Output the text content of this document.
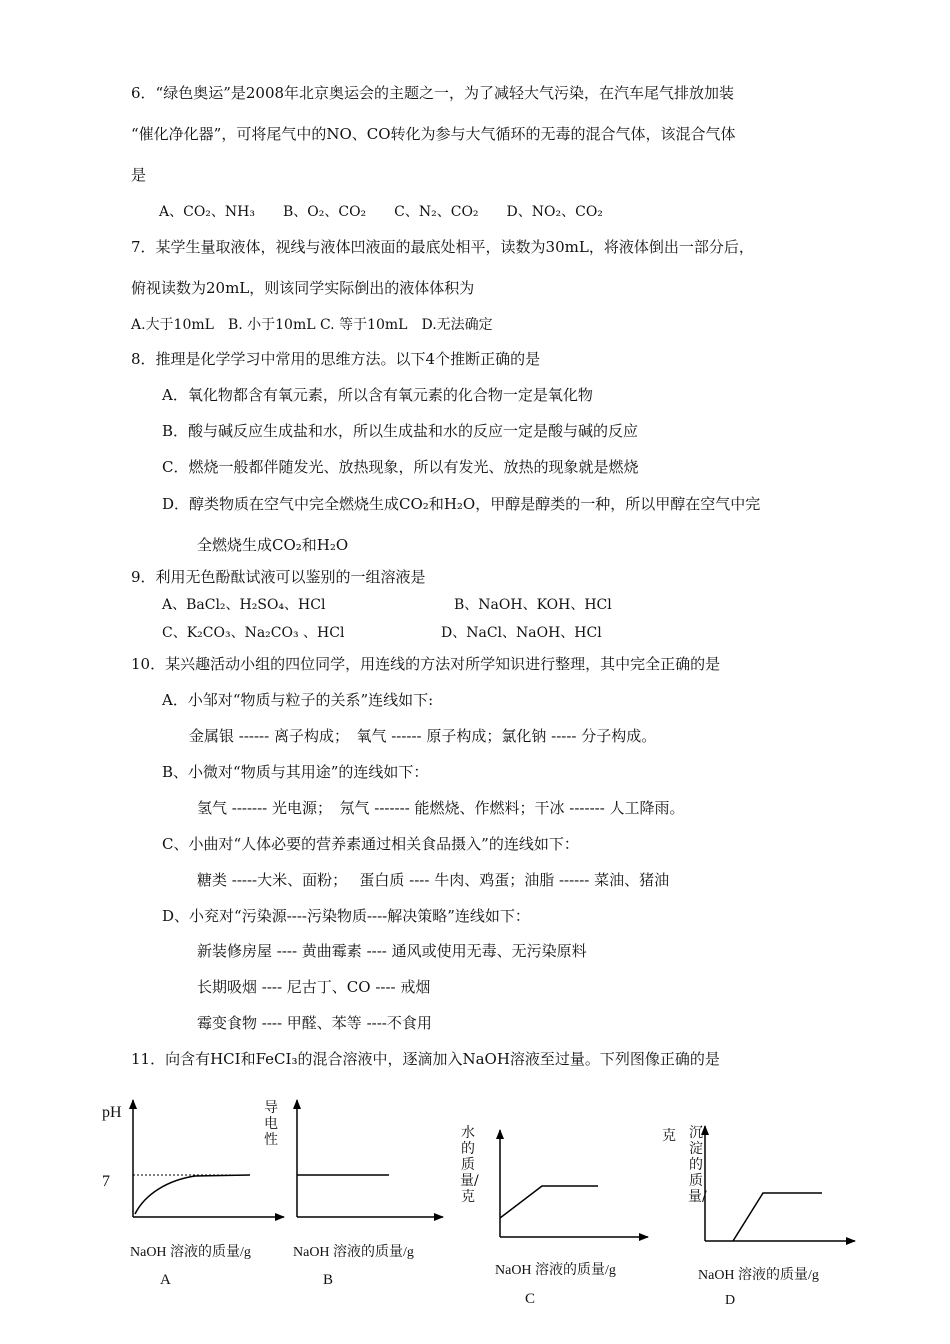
6．“绿色奥运”是2008年北京奥运会的主题之一，为了减轻大气污染，在汽车尾气排放加装
“催化净化器”，可将尾气中的NO、CO转化为参与大气循环的无毒的混合气体，该混合气体
是
A、CO₂、NH₃　　B、O₂、CO₂　　C、N₂、CO₂　　D、NO₂、CO₂
7．某学生量取液体，视线与液体凹液面的最底处相平，读数为30mL，将液体倒出一部分后，
俯视读数为20mL，则该同学实际倒出的液体体积为
A.大于10mL　B. 小于10mL C. 等于10mL　D.无法确定
8．推理是化学学习中常用的思维方法。以下4个推断正确的是
A．氧化物都含有氧元素，所以含有氧元素的化合物一定是氧化物
B．酸与碱反应生成盐和水，所以生成盐和水的反应一定是酸与碱的反应
C．燃烧一般都伴随发光、放热现象，所以有发光、放热的现象就是燃烧
D．醇类物质在空气中完全燃烧生成CO₂和H₂O，甲醇是醇类的一种，所以甲醇在空气中完
全燃烧生成CO₂和H₂O
9．利用无色酚酞试液可以鉴别的一组溶液是
A、BaCl₂、H₂SO₄、HCl	B、NaOH、KOH、HCl
C、K₂CO₃、Na₂CO₃ 、HCl	D、NaCl、NaOH、HCl
10．某兴趣活动小组的四位同学，用连线的方法对所学知识进行整理，其中完全正确的是
A．小邹对“物质与粒子的关系”连线如下:
金属银 ------ 离子构成；　氧气 ------ 原子构成；氯化钠 ----- 分子构成。
B、小微对“物质与其用途”的连线如下：
氢气 ------- 光电源；　氖气 ------- 能燃烧、作燃料；干冰 ------- 人工降雨。
C、小曲对“人体必要的营养素通过相关食品摄入”的连线如下：
糖类 -----大米、面粉；　 蛋白质 ---- 牛肉、鸡蛋；油脂 ------ 菜油、猪油
D、小兖对“污染源----污染物质----解决策略”连线如下：
新装修房屋 ---- 黄曲霉素 ---- 通风或使用无毒、无污染原料
长期吸烟 ---- 尼古丁、CO ---- 戒烟
霉变食物 ---- 甲醛、苯等 ----不食用
11．向含有HCI和FeCI₃的混合溶液中，逐滴加入NaOH溶液至过量。下列图像正确的是
pH
7
NaOH 溶液的质量/g
A
导电性
NaOH 溶液的质量/g
B
水的质量/克
NaOH 溶液的质量/g
C
克 沉淀的质量/
NaOH 溶液的质量/g
D
